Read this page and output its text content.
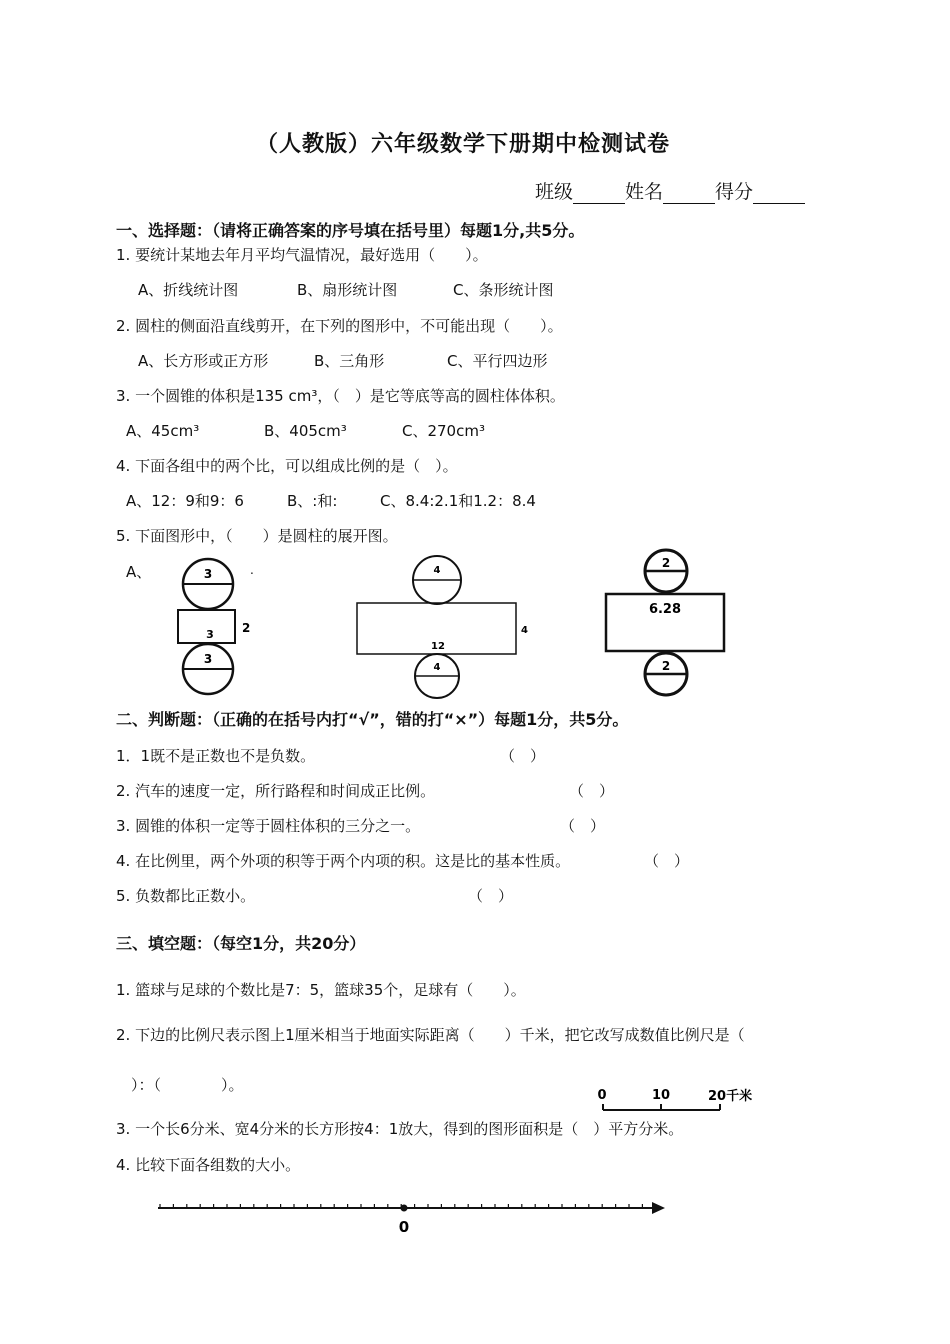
（人教版）六年级数学下册期中检测试卷
班级	姓名	得分
一、选择题：（请将正确答案的序号填在括号里）每题1分,共5分。
1. 要统计某地去年月平均气温情况，最好选用（　　）。
A、折线统计图	B、扇形统计图	C、条形统计图
2. 圆柱的侧面沿直线剪开，在下列的图形中，不可能出现（　　）。
A、长方形或正方形	B、三角形	C、平行四边形
3. 一个圆锥的体积是135 cm³，（　）是它等底等高的圆柱体体积。
A、45cm³	B、405cm³	C、270cm³
4. 下面各组中的两个比，可以组成比例的是（　）。
A、12：9和9：6	B、:和:	C、8.4:2.1和1.2：8.4
5. 下面图形中，（　　）是圆柱的展开图。
A、	.
3
3 2
3
4
12
4
4
2
6.28
2
二、判断题：（正确的在括号内打“√”，错的打“×”）每题1分，共5分。
1．1既不是正数也不是负数。	（　）
2. 汽车的速度一定，所行路程和时间成正比例。	（　）
3. 圆锥的体积一定等于圆柱体积的三分之一。	（　）
4. 在比例里，两个外项的积等于两个内项的积。这是比的基本性质。	（　）
5. 负数都比正数小。	（　）
三、填空题：（每空1分，共20分）
1. 篮球与足球的个数比是7：5，篮球35个，足球有（　　）。
2. 下边的比例尺表示图上1厘米相当于地面实际距离（　　）千米，把它改写成数值比例尺是（
）：（　　　　）。
0	10	20千米
3. 一个长6分米、宽4分米的长方形按4：1放大，得到的图形面积是（　）平方分米。
4. 比较下面各组数的大小。
0
